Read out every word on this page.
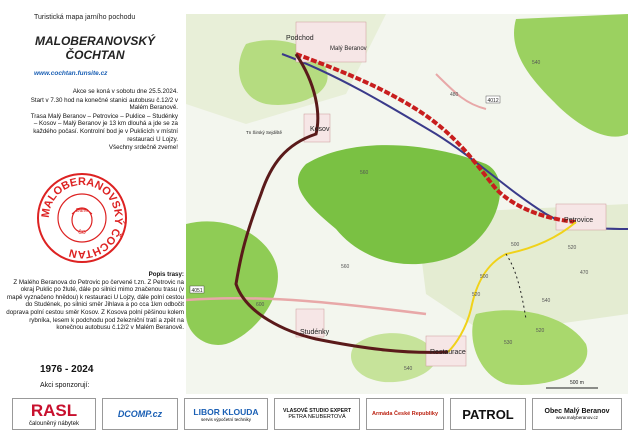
Turistická mapa jarního pochodu
MALOBERANOVSKÝ
ČOCHTAN
www.cochtan.funsite.cz

Akce se koná v sobotu dne 25.5.2024.

Start v 7.30 hod na konečné stanici autobusu č.12/2 v Malém Beranově.

Trasa Malý Beranov – Petrovice – Puklice – Studénky – Kosov – Malý Beranov je 13 km dlouhá a jde se za každého počasí. Kontrolní bod je v Puklicích v místní restauraci U Lojzy.

Všechny srdečně zveme!

MALOBERANOVSKÝ ČOCHTAN
Dáno
ČO
Popis trasy:
Z Malého Beranova do Petrovic po červené t.zn. Z Petrovic na okraj Puklic po žluté, dále po silnici mimo značenou trasu (v mapě vyznačeno hnědou) k restauraci U Lojzy, dále polní cestou do Studének, po silnici směr Jihlava a po cca 1km odbočit doprava polní cestou směr Kosov. Z Kosova polní pěšinou kolem rybníka, lesem k podchodu pod železniční tratí a zpět na konečnou autobusu č.12/2 v Malém Beranově.
1976 - 2024
Akci sponzorují:
Podchod
Malý Beranov
Kosov
Petrovice
Studénky
Restaurace
Tn Širský Sejdiště
540
480
520
560
600
500
560
520
500
520
540
540
530
470
4012
4051
500 m
RASL
čalouněný nábytek
DCOMP.cz	LIBOR KLOUDA
servis výpočetní techniky
VLASOVÉ STUDIO EXPERT
PETRA NEUBERTOVÁ	Armáda České Republiky PATROL	Obec Malý Beranov
www.malyberanov.cz
